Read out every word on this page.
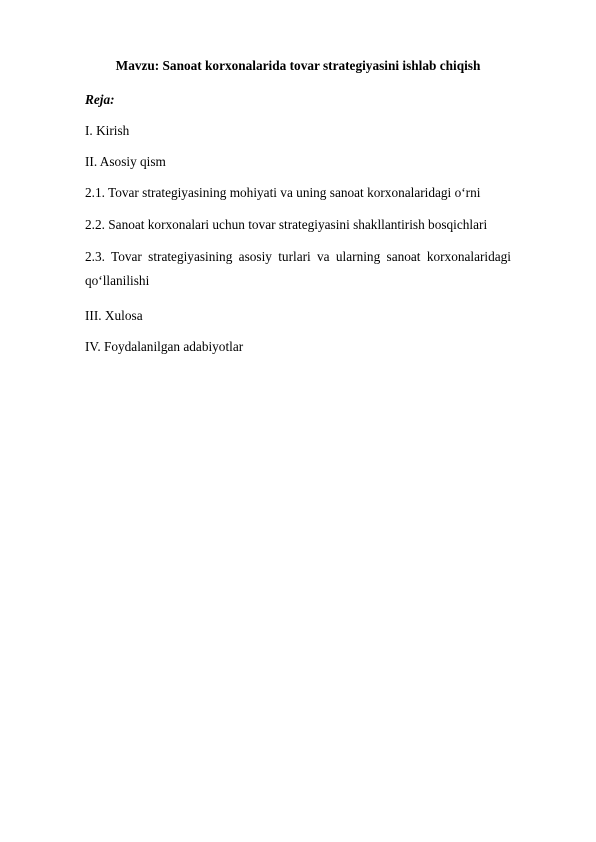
Mavzu: Sanoat korxonalarida tovar strategiyasini ishlab chiqish
Reja:
I. Kirish
II. Asosiy qism
2.1. Tovar strategiyasining mohiyati va uning sanoat korxonalaridagi o‘rni
2.2. Sanoat korxonalari uchun tovar strategiyasini shakllantirish bosqichlari
2.3. Tovar strategiyasining asosiy turlari va ularning sanoat korxonalaridagi
qo‘llanilishi
III. Xulosa
IV. Foydalanilgan adabiyotlar
